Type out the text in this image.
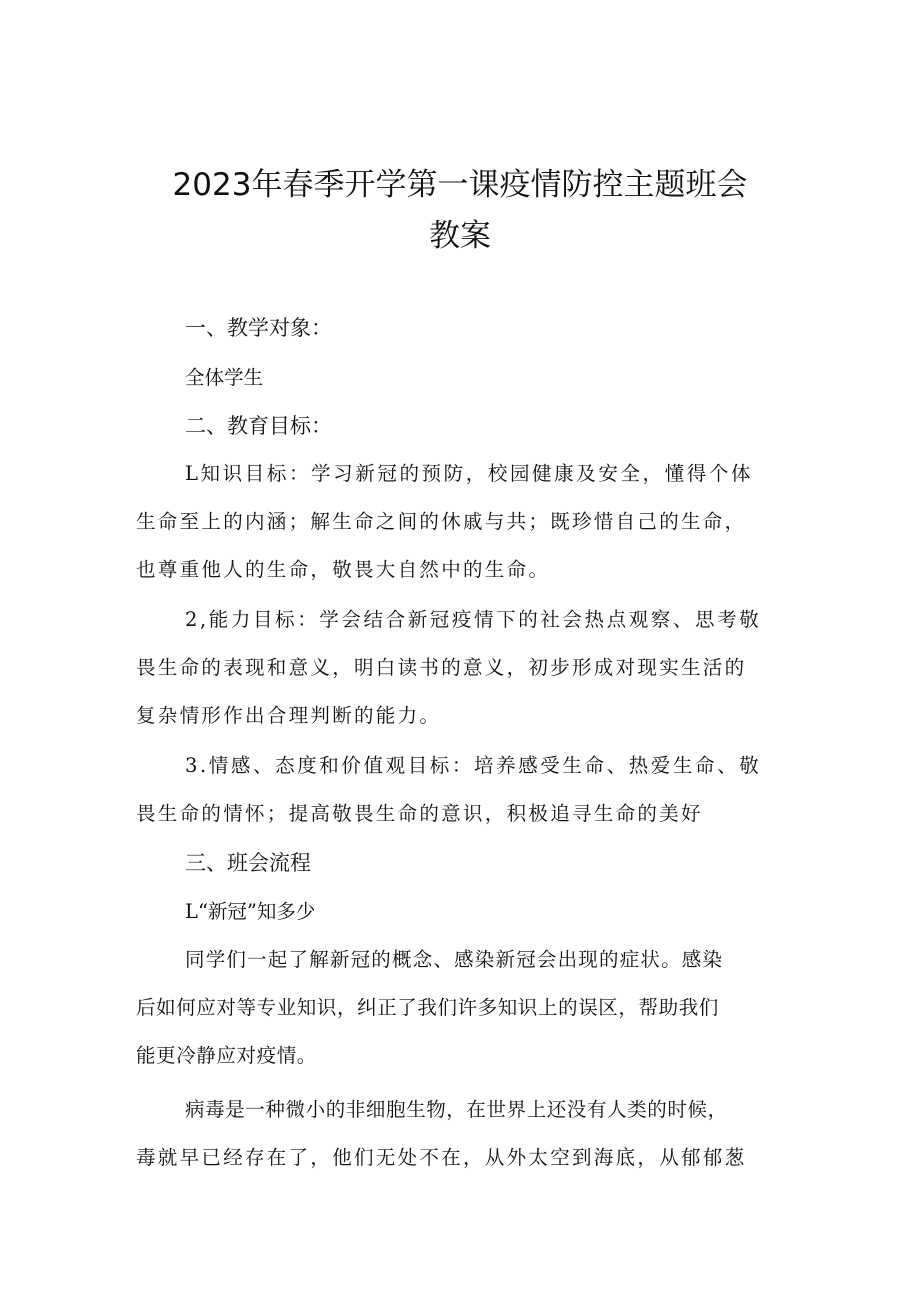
2023年春季开学第一课疫情防控主题班会
教案
一、教学对象：
全体学生
二、教育目标：
L知识目标：学习新冠的预防，校园健康及安全，懂得个体
生命至上的内涵；解生命之间的休戚与共；既珍惜自己的生命，
也尊重他人的生命，敬畏大自然中的生命。
2,能力目标：学会结合新冠疫情下的社会热点观察、思考敬
畏生命的表现和意义，明白读书的意义，初步形成对现实生活的
复杂情形作出合理判断的能力。
3.情感、态度和价值观目标：培养感受生命、热爱生命、敬
畏生命的情怀；提高敬畏生命的意识，积极追寻生命的美好
三、班会流程
L“新冠”知多少
同学们一起了解新冠的概念、感染新冠会出现的症状。感染
后如何应对等专业知识，纠正了我们许多知识上的误区，帮助我们
能更冷静应对疫情。
病毒是一种微小的非细胞生物，在世界上还没有人类的时候，
毒就早已经存在了，他们无处不在，从外太空到海底，从郁郁葱
